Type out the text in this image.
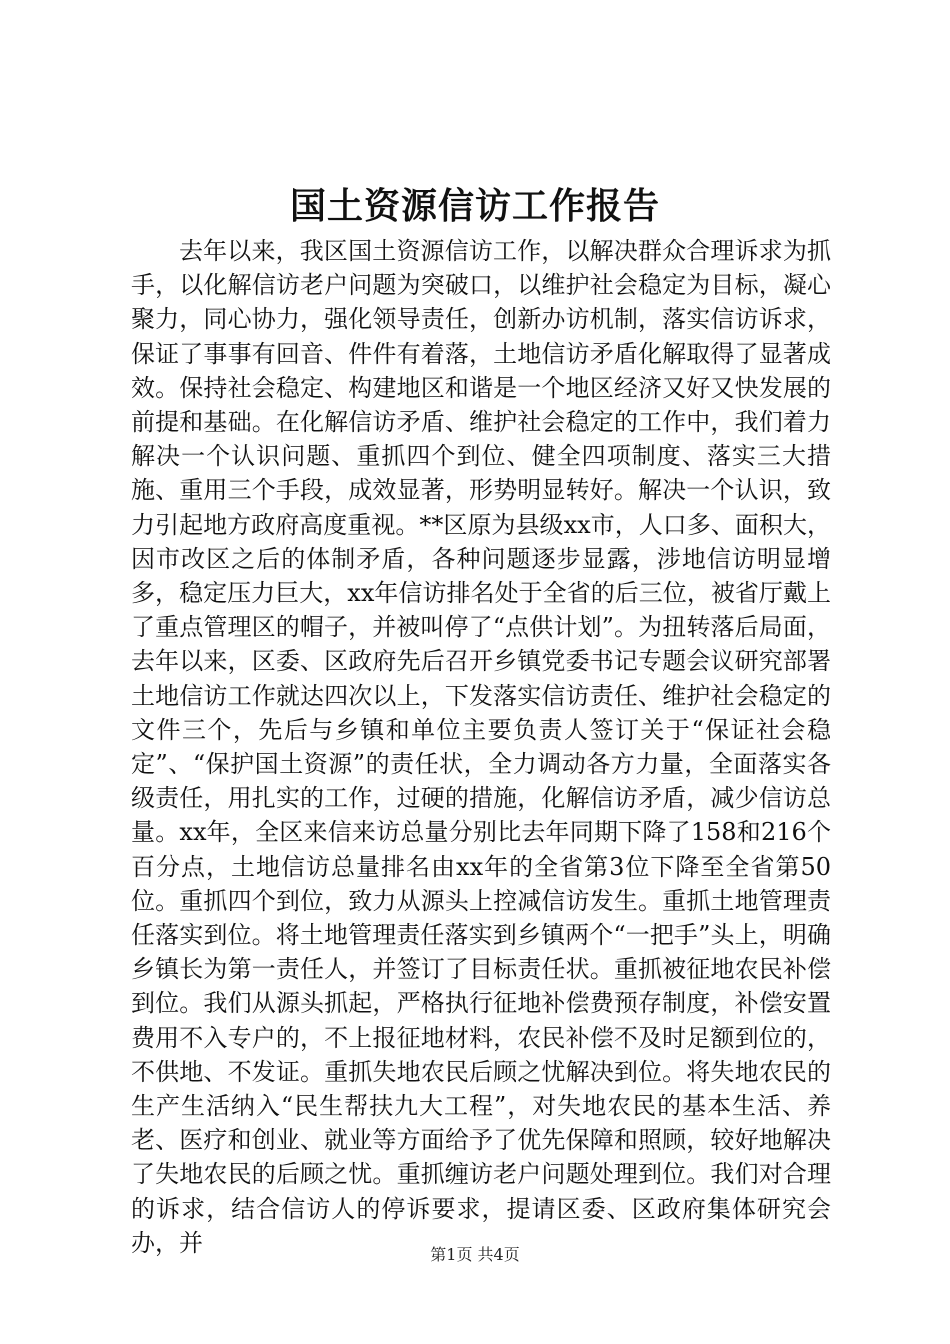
国土资源信访工作报告

去年以来，我区国土资源信访工作，以解决群众合理诉求为抓手，以化解信访老户问题为突破口，以维护社会稳定为目标，凝心聚力，同心协力，强化领导责任，创新办访机制，落实信访诉求，保证了事事有回音、件件有着落，土地信访矛盾化解取得了显著成效。保持社会稳定、构建地区和谐是一个地区经济又好又快发展的前提和基础。在化解信访矛盾、维护社会稳定的工作中，我们着力解决一个认识问题、重抓四个到位、健全四项制度、落实三大措施、重用三个手段，成效显著，形势明显转好。解决一个认识，致力引起地方政府高度重视。**区原为县级xx市，人口多、面积大，因市改区之后的体制矛盾，各种问题逐步显露，涉地信访明显增多，稳定压力巨大，xx年信访排名处于全省的后三位，被省厅戴上了重点管理区的帽子，并被叫停了“点供计划”。为扭转落后局面，去年以来，区委、区政府先后召开乡镇党委书记专题会议研究部署土地信访工作就达四次以上，下发落实信访责任、维护社会稳定的文件三个，先后与乡镇和单位主要负责人签订关于“保证社会稳定”、“保护国土资源”的责任状，全力调动各方力量，全面落实各级责任，用扎实的工作，过硬的措施，化解信访矛盾，减少信访总量。xx年，全区来信来访总量分别比去年同期下降了158和216个百分点，土地信访总量排名由xx年的全省第3位下降至全省第50位。重抓四个到位，致力从源头上控减信访发生。重抓土地管理责任落实到位。将土地管理责任落实到乡镇两个“一把手”头上，明确乡镇长为第一责任人，并签订了目标责任状。重抓被征地农民补偿到位。我们从源头抓起，严格执行征地补偿费预存制度，补偿安置费用不入专户的，不上报征地材料，农民补偿不及时足额到位的，不供地、不发证。重抓失地农民后顾之忧解决到位。将失地农民的生产生活纳入“民生帮扶九大工程”，对失地农民的基本生活、养老、医疗和创业、就业等方面给予了优先保障和照顾，较好地解决了失地农民的后顾之忧。重抓缠访老户问题处理到位。我们对合理的诉求，结合信访人的停诉要求，提请区委、区政府集体研究会办，并	第1页 共4页
